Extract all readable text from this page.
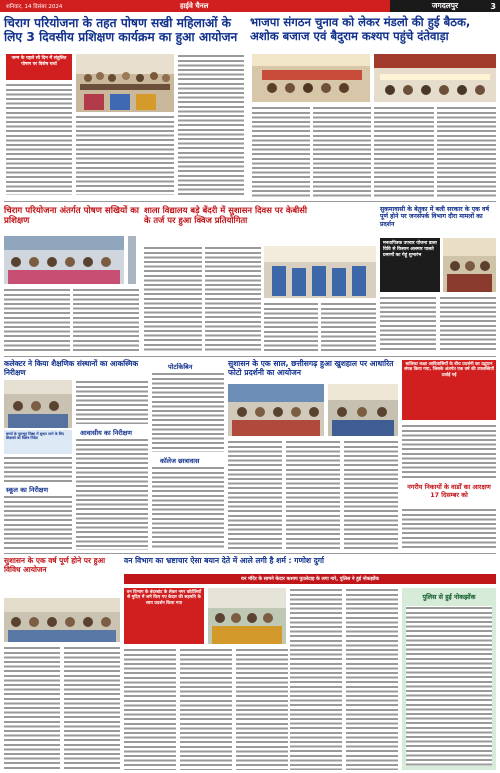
शनिवार, 14 दिसंबर 2024	हाईवे चैनल	जगदलपुर	3
चिराग परियोजना के तहत पोषण सखी महिलाओं के लिए 3 दिवसीय प्रशिक्षण कार्यक्रम का हुआ आयोजन
जन्म के पहले सौ दिन में संतुलित पोषण पर विशेष चर्चा
भाजपा संगठन चुनाव को लेकर मंडलो की हुई बैठक, अशोक बजाज एवं बैदुराम कश्यप पहुंचे दंतेवाड़ा
चिराग परियोजना अंतर्गत पोषण सखियों का प्रशिक्षण
शाला विद्यालय बड़े बेंदरी में सुशासन दिवस पर केबीसी के तर्ज पर हुआ क्विज प्रतियोगिता
सुकमावासी के बेतुका में बली सरकार के एक वर्ष पूर्ण होने पर जनसंपर्क विभाग दौरा मामलों का प्रदर्शन
मनतापित्रक उपचार योजना डाला विधि से किसान अलमार पालते प्रमाणों का गेहूं शुभारंभ
कलेक्टर ने किया शैक्षणिक संस्थानों का आकस्मिक निरीक्षण
बच्चों के मूलभूत शिक्षा में सुधार लाने के लिए शिक्षकों को विशेष निर्देश
स्कूल का निरीक्षण
आवासीय का निरीक्षण
पोर्टाकेबिन
कॉलेज छात्रावास
सुशासन के एक साल, छत्तीसगढ़ हुआ खुशहाल पर आधारित फोटो प्रदर्शनी का आयोजन
बालिका कक्षा आदिवासियों के बीच प्रदर्शनी का उद्घाटन संपन्न किया गया, जिसके अंतर्गत एक वर्ष की उपलब्धियों दर्शाई गईं
नगरीय निकायों के वार्डों का आरक्षण 17 दिसम्बर को
वन विभाग का भ्रष्टाचार ऐसा बयान देते में आले लगी है शर्म : गणोश दुर्गा
वन मंदिर के सामने केदार कश्यप पुतलेदाह के लगा नारे, पुलिस ने हुई नोकझोंक
सुशासन के एक वर्ष पूर्ण होने पर हुआ विविध आयोजन
वन विभाग के बंदरबांट के लेकर नगर कोर्टलियों से मुदिए में जमे किए गए केदार की सहमति के साथ प्रदर्शन किया गया
पुलिस से हुई नोकझोंक
